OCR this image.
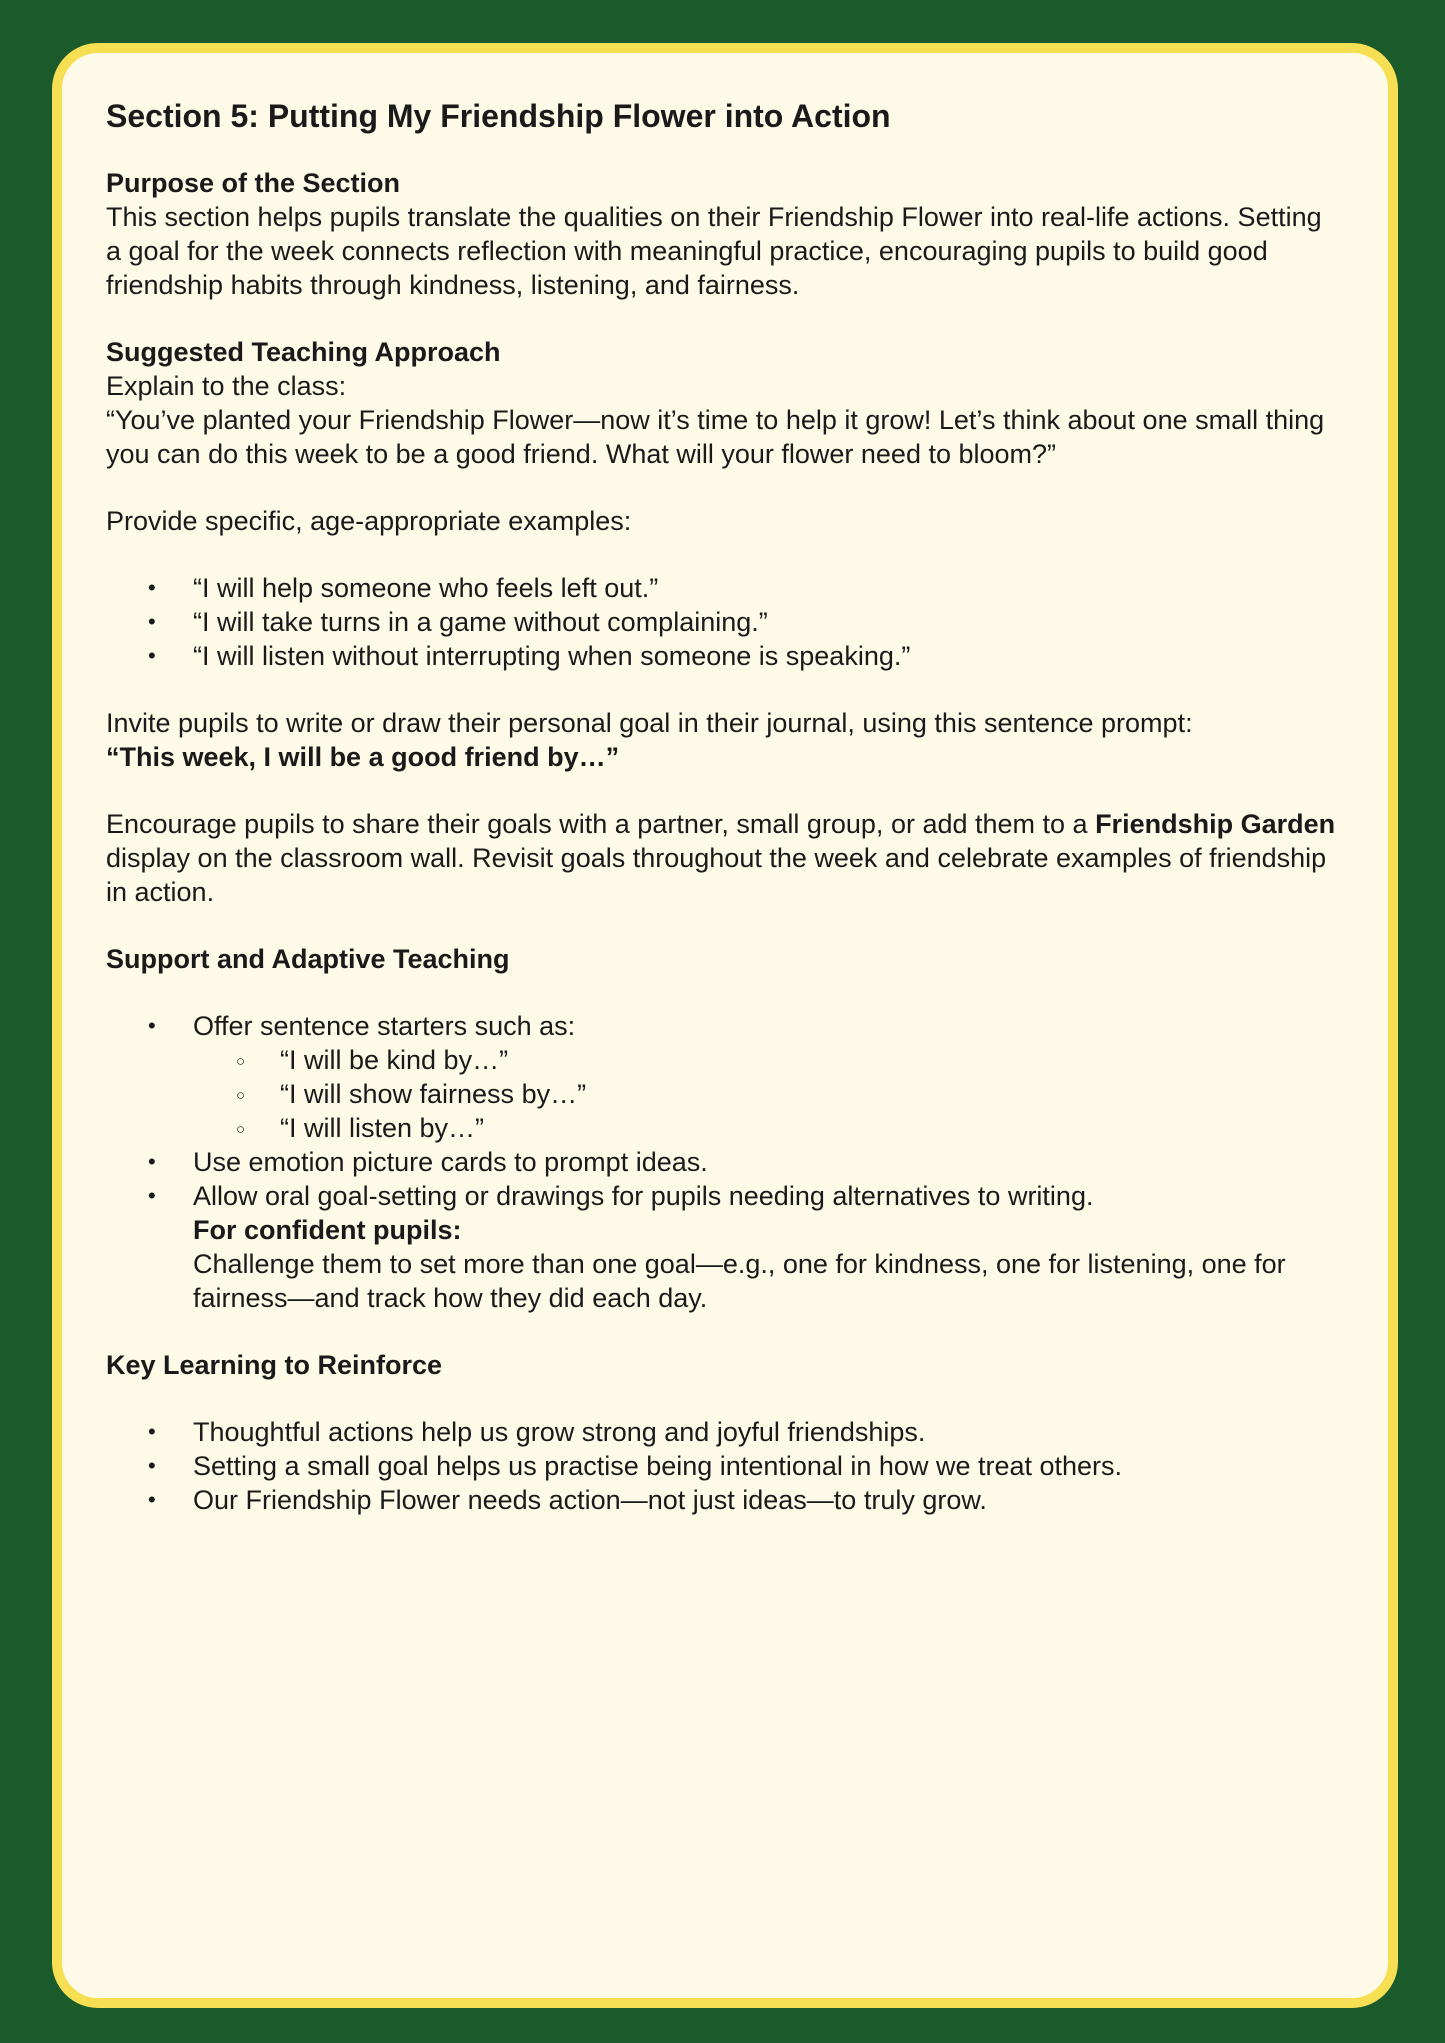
Section 5: Putting My Friendship Flower into Action

Purpose of the Section

This section helps pupils translate the qualities on their Friendship Flower into real-life actions. Setting a goal for the week connects reflection with meaningful practice, encouraging pupils to build good friendship habits through kindness, listening, and fairness.

Suggested Teaching Approach

Explain to the class:

“You’ve planted your Friendship Flower—now it’s time to help it grow! Let’s think about one small thing you can do this week to be a good friend. What will your flower need to bloom?”

Provide specific, age-appropriate examples:

• “I will help someone who feels left out.”
• “I will take turns in a game without complaining.”
• “I will listen without interrupting when someone is speaking.”

Invite pupils to write or draw their personal goal in their journal, using this sentence prompt:

“This week, I will be a good friend by…”

Encourage pupils to share their goals with a partner, small group, or add them to a Friendship Garden display on the classroom wall. Revisit goals throughout the week and celebrate examples of friendship in action.

Support and Adaptive Teaching

• Offer sentence starters such as:
○ “I will be kind by…”
○ “I will show fairness by…”
○ “I will listen by…”
• Use emotion picture cards to prompt ideas.
• Allow oral goal-setting or drawings for pupils needing alternatives to writing.
For confident pupils:
Challenge them to set more than one goal—e.g., one for kindness, one for listening, one for fairness—and track how they did each day.

Key Learning to Reinforce

• Thoughtful actions help us grow strong and joyful friendships.
• Setting a small goal helps us practise being intentional in how we treat others.
• Our Friendship Flower needs action—not just ideas—to truly grow.
